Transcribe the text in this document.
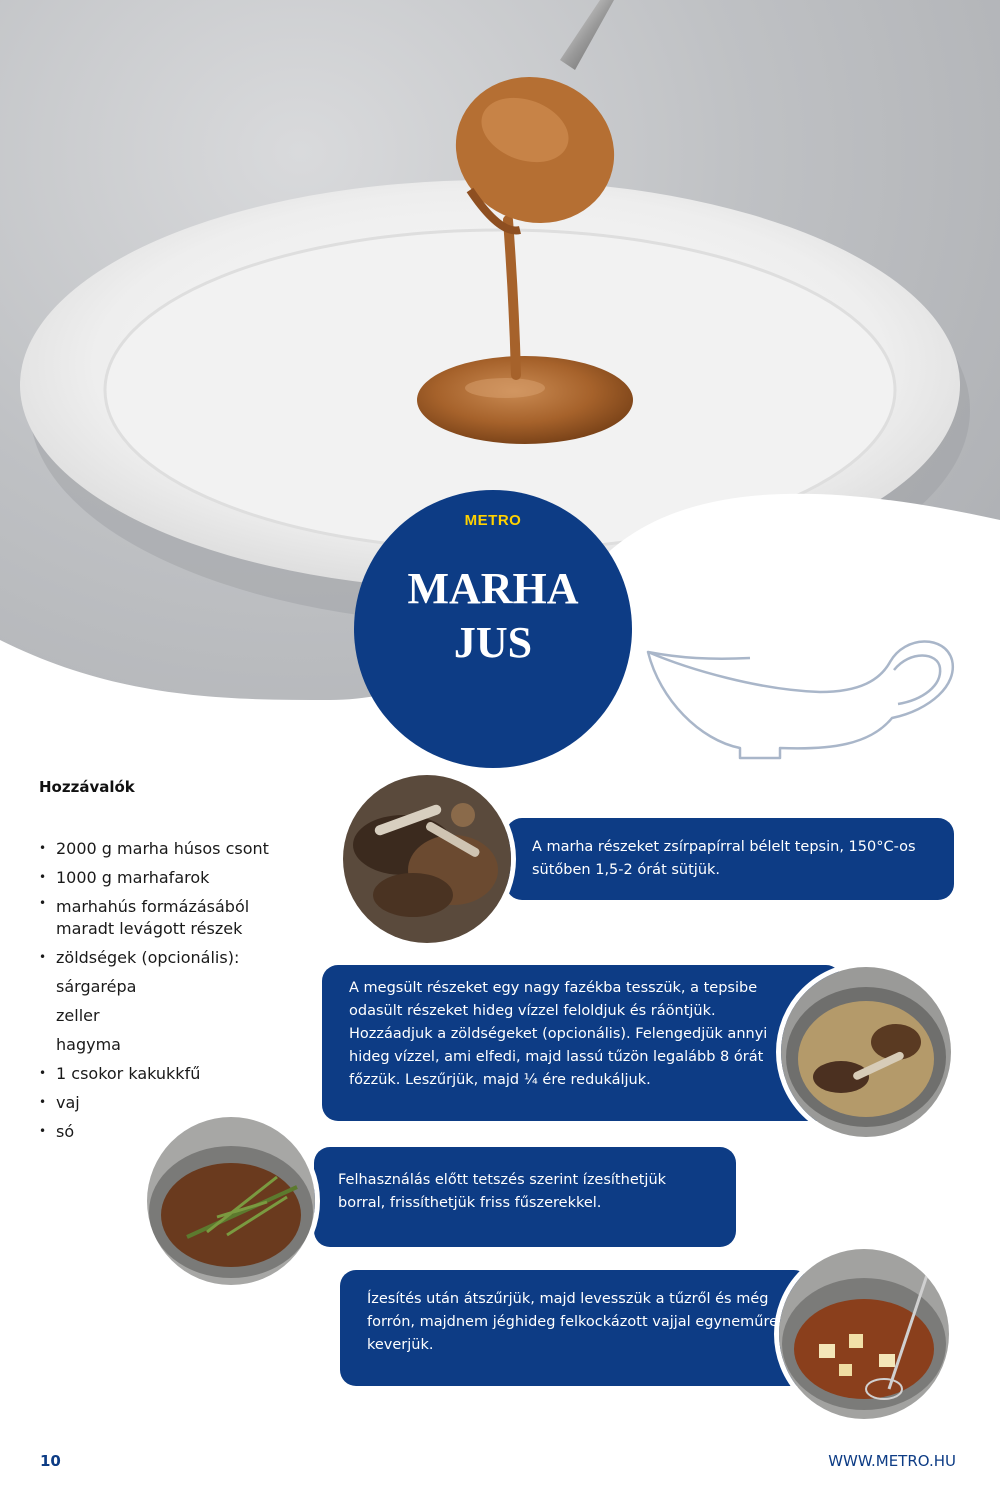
METRO
MARHA
JUS
Hozzávalók
• 2000 g marha húsos csont
• 1000 g marhafarok
• marhahús formázásából maradt levágott részek
• zöldségek (opcionális):
sárgarépa
zeller
hagyma
• 1 csokor kakukkfű
• vaj
• só
A marha részeket zsírpapírral bélelt tepsin, 150°C-os sütőben 1,5-2 órát sütjük.
A megsült részeket egy nagy fazékba tesszük, a tepsibe odasült részeket hideg vízzel feloldjuk és ráöntjük. Hozzáadjuk a zöldségeket (opcionális). Felengedjük annyi hideg vízzel, ami elfedi, majd lassú tűzön legalább 8 órát főzzük. Leszűrjük, majd ¼ ére redukáljuk.
Felhasználás előtt tetszés szerint ízesíthetjük borral, frissíthetjük friss fűszerekkel.
Ízesítés után átszűrjük, majd levesszük a tűzről és még forrón, majdnem jéghideg felkockázott vajjal egyneműre keverjük.
10	WWW.METRO.HU
